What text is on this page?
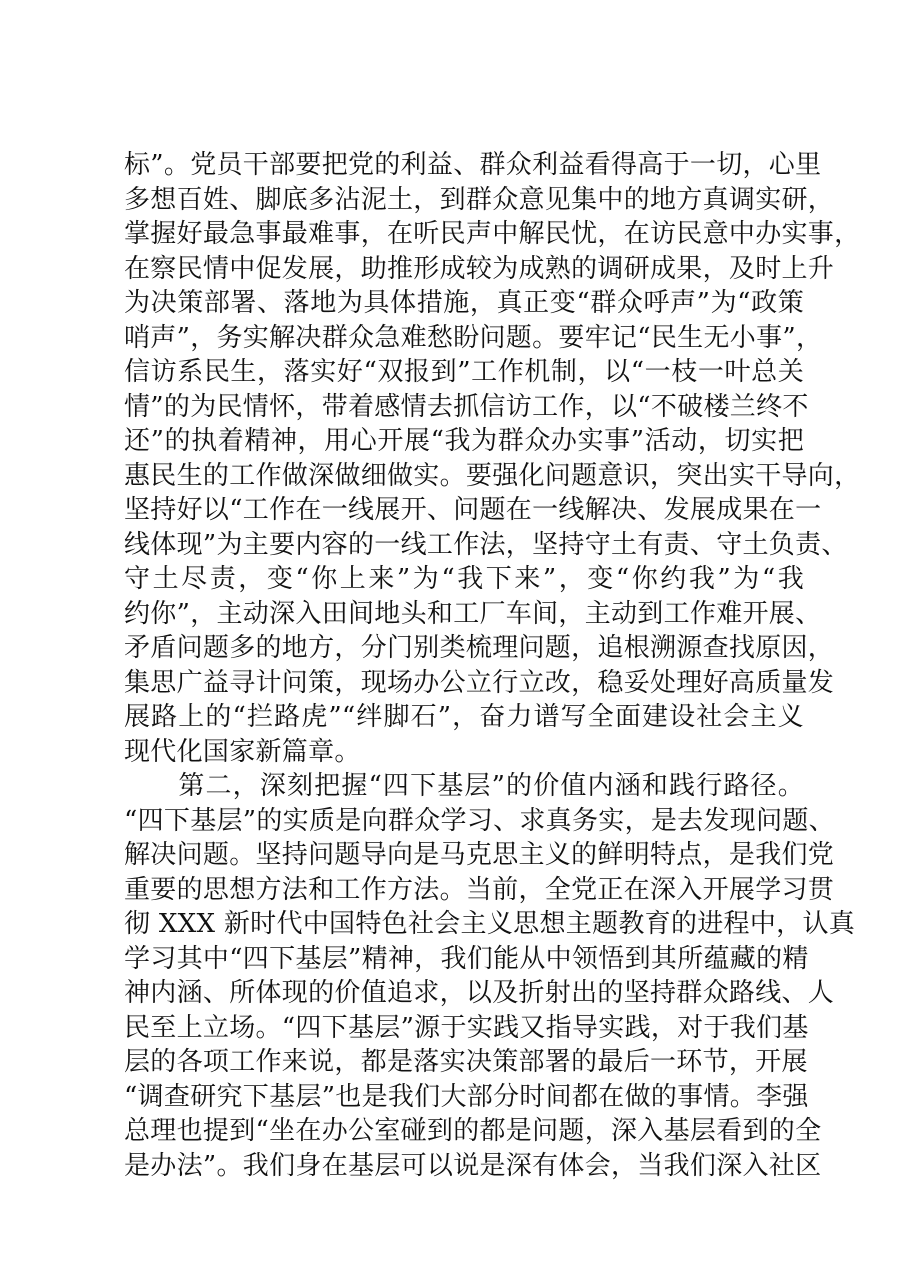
标”。党员干部要把党的利益、群众利益看得高于一切，心里
多想百姓、脚底多沾泥土，到群众意见集中的地方真调实研，
掌握好最急事最难事，在听民声中解民忧，在访民意中办实事，
在察民情中促发展，助推形成较为成熟的调研成果，及时上升
为决策部署、落地为具体措施，真正变“群众呼声”为“政策
哨声”，务实解决群众急难愁盼问题。要牢记“民生无小事”，
信访系民生，落实好“双报到”工作机制，以“一枝一叶总关
情”的为民情怀，带着感情去抓信访工作，以“不破楼兰终不
还”的执着精神，用心开展“我为群众办实事”活动，切实把
惠民生的工作做深做细做实。要强化问题意识，突出实干导向，
坚持好以“工作在一线展开、问题在一线解决、发展成果在一
线体现”为主要内容的一线工作法，坚持守土有责、守土负责、
守土尽责，变“你上来”为“我下来”，变“你约我”为“我
约你”，主动深入田间地头和工厂车间，主动到工作难开展、
矛盾问题多的地方，分门别类梳理问题，追根溯源查找原因，
集思广益寻计问策，现场办公立行立改，稳妥处理好高质量发
展路上的“拦路虎”“绊脚石”，奋力谱写全面建设社会主义
现代化国家新篇章。
　　第二，深刻把握“四下基层”的价值内涵和践行路径。
“四下基层”的实质是向群众学习、求真务实，是去发现问题、
解决问题。坚持问题导向是马克思主义的鲜明特点，是我们党
重要的思想方法和工作方法。当前，全党正在深入开展学习贯
彻 XXX 新时代中国特色社会主义思想主题教育的进程中，认真
学习其中“四下基层”精神，我们能从中领悟到其所蕴藏的精
神内涵、所体现的价值追求，以及折射出的坚持群众路线、人
民至上立场。“四下基层”源于实践又指导实践，对于我们基
层的各项工作来说，都是落实决策部署的最后一环节，开展
“调查研究下基层”也是我们大部分时间都在做的事情。李强
总理也提到“坐在办公室碰到的都是问题，深入基层看到的全
是办法”。我们身在基层可以说是深有体会，当我们深入社区
